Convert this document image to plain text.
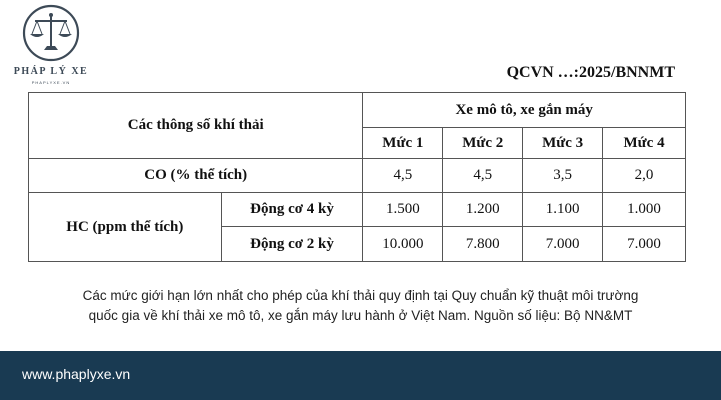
PHÁP LÝ XE
PHAPLYXE.VN
QCVN …:2025/BNNMT
Các thông số khí thải		Xe mô tô, xe gắn máy			
		Mức 1	Mức 2	Mức 3	Mức 4
CO (% thể tích)		4,5	4,5	3,5	2,0
HC (ppm thể tích)	Động cơ 4 kỳ	1.500	1.200	1.100	1.000
	Động cơ 2 kỳ	10.000	7.800	7.000	7.000
Các mức giới hạn lớn nhất cho phép của khí thải quy định tại Quy chuẩn kỹ thuật môi trường
quốc gia về khí thải xe mô tô, xe gắn máy lưu hành ở Việt Nam. Nguồn số liệu: Bộ NN&MT
www.phaplyxe.vn
